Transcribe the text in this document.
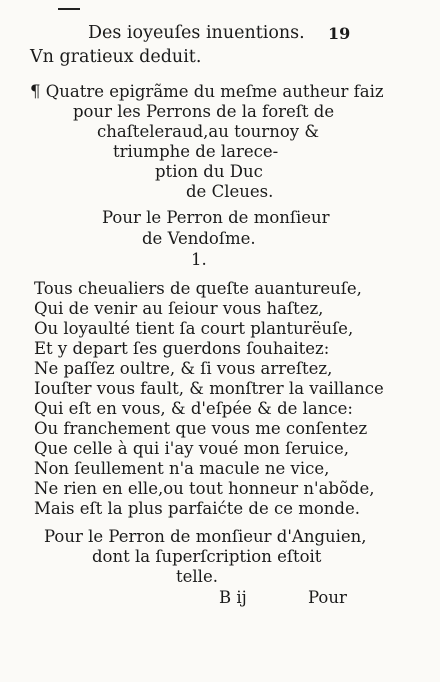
Des ioyeuſes inuentions. 19
Vn gratieux deduit.
¶ Quatre epigrãme du meſme autheur faiz
pour les Perrons de la foreſt de
chaſteleraud,au tournoy &
triumphe de larece-
ption du Duc
de Cleues.
Pour le Perron de monſieur
de Vendoſme.
1.
Tous cheualiers de queſte auantureuſe,
Qui de venir au ſeiour vous haſtez,
Ou loyaulté tient ſa court planturëuſe,
Et y depart ſes guerdons ſouhaitez:
Ne paſſez oultre, & ſi vous arreſtez,
Iouſter vous fault, & monſtrer la vaillance
Qui eſt en vous, & d'eſpée & de lance:
Ou franchement que vous me conſentez
Que celle à qui i'ay voué mon ſeruice,
Non ſeullement n'a macule ne vice,
Ne rien en elle,ou tout honneur n'abõde,
Mais eſt la plus parfaićte de ce monde.
Pour le Perron de monſieur d'Anguien,
dont la ſuperſcription eſtoit
telle.
B ij	Pour
